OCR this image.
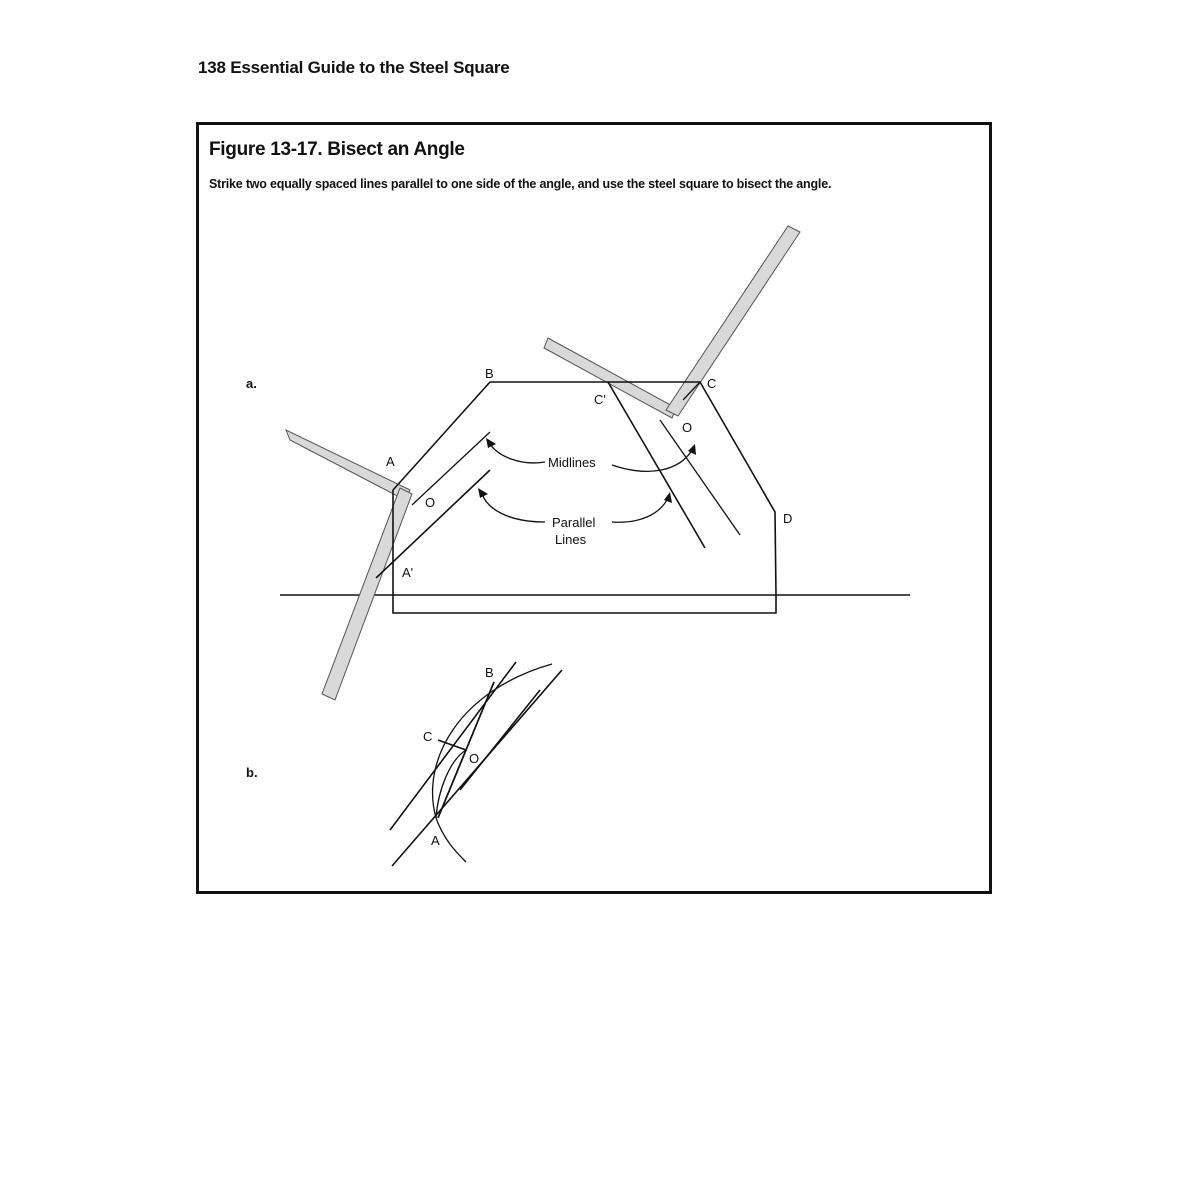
138 Essential Guide to the Steel Square
Figure 13-17. Bisect an Angle
Strike two equally spaced lines parallel to one side of the angle, and use the steel square to bisect the angle.
a.
B
C'
C
O
A
O
A'
D
Midlines
Parallel
Lines
b.
B
C
O
A
